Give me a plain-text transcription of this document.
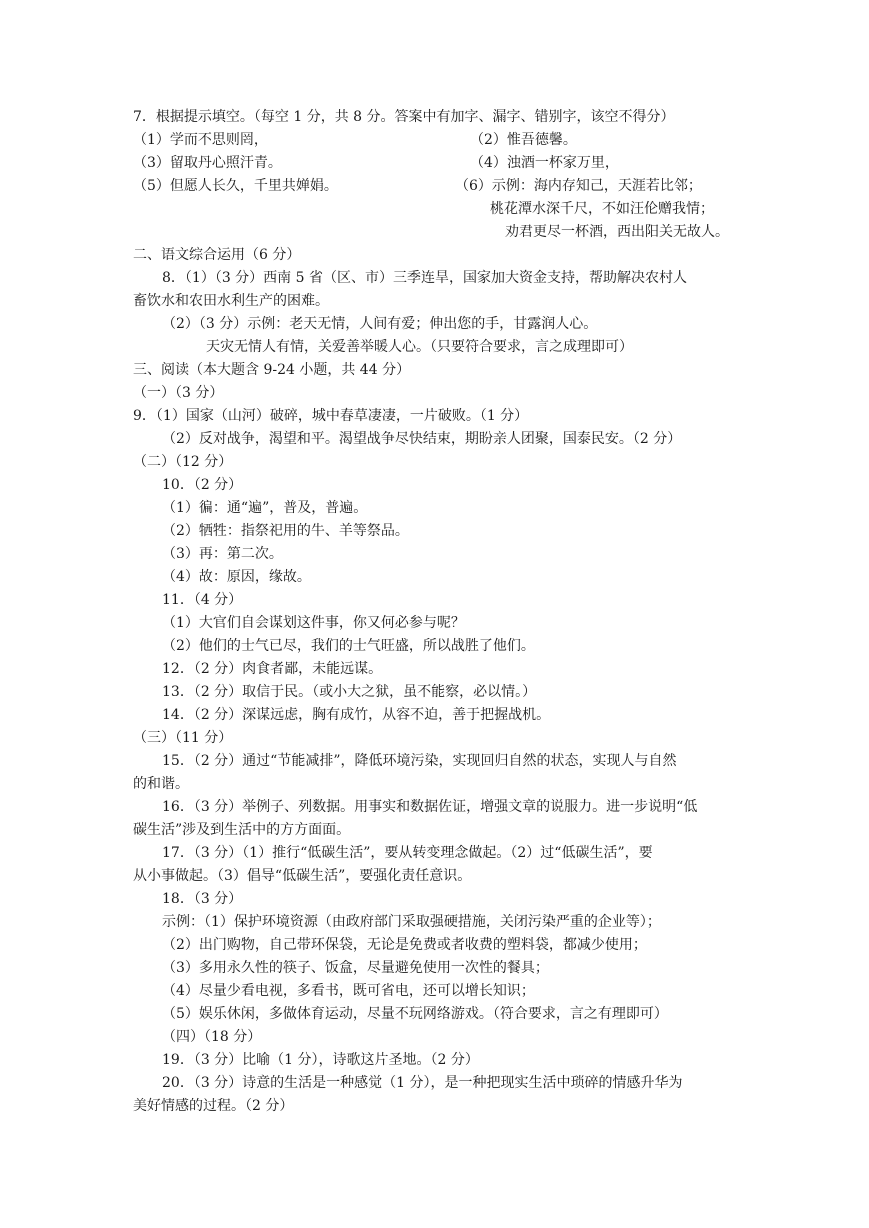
7．根据提示填空。（每空 1 分，共 8 分。答案中有加字、漏字、错别字，该空不得分）
（1）学而不思则罔，	（2）惟吾德馨。
（3）留取丹心照汗青。	（4）浊酒一杯家万里，
（5）但愿人长久，千里共婵娟。	（6）示例：海内存知己，天涯若比邻；
桃花潭水深千尺，不如汪伦赠我情；
劝君更尽一杯酒，西出阳关无故人。
二、语文综合运用（6 分）
8．（1）（3 分）西南 5 省（区、市）三季连旱，国家加大资金支持，帮助解决农村人
畜饮水和农田水利生产的困难。
（2）（3 分）示例：老天无情，人间有爱；伸出您的手，甘露润人心。
天灾无情人有情，关爱善举暖人心。（只要符合要求，言之成理即可）
三、阅读（本大题含 9-24 小题，共 44 分）
（一）（3 分）
9．（1）国家（山河）破碎，城中春草凄凄，一片破败。（1 分）
（2）反对战争，渴望和平。渴望战争尽快结束，期盼亲人团聚，国泰民安。（2 分）
（二）（12 分）
10．（2 分）
（1）徧：通“遍”，普及，普遍。
（2）牺牲：指祭祀用的牛、羊等祭品。
（3）再：第二次。
（4）故：原因，缘故。
11．（4 分）
（1）大官们自会谋划这件事，你又何必参与呢？
（2）他们的士气已尽，我们的士气旺盛，所以战胜了他们。
12．（2 分）肉食者鄙，未能远谋。
13．（2 分）取信于民。（或小大之狱，虽不能察，必以情。）
14．（2 分）深谋远虑，胸有成竹，从容不迫，善于把握战机。
（三）（11 分）
15．（2 分）通过“节能减排”，降低环境污染，实现回归自然的状态，实现人与自然
的和谐。
16．（3 分）举例子、列数据。用事实和数据佐证，增强文章的说服力。进一步说明“低
碳生活”涉及到生活中的方方面面。
17．（3 分）（1）推行“低碳生活”，要从转变理念做起。（2）过“低碳生活”，要
从小事做起。（3）倡导“低碳生活”，要强化责任意识。
18．（3 分）
示例：（1）保护环境资源（由政府部门采取强硬措施，关闭污染严重的企业等）；
（2）出门购物，自己带环保袋，无论是免费或者收费的塑料袋，都减少使用；
（3）多用永久性的筷子、饭盒，尽量避免使用一次性的餐具；
（4）尽量少看电视，多看书，既可省电，还可以增长知识；
（5）娱乐休闲，多做体育运动，尽量不玩网络游戏。（符合要求，言之有理即可）
（四）（18 分）
19．（3 分）比喻（1 分），诗歌这片圣地。（2 分）
20．（3 分）诗意的生活是一种感觉（1 分），是一种把现实生活中琐碎的情感升华为
美好情感的过程。（2 分）
